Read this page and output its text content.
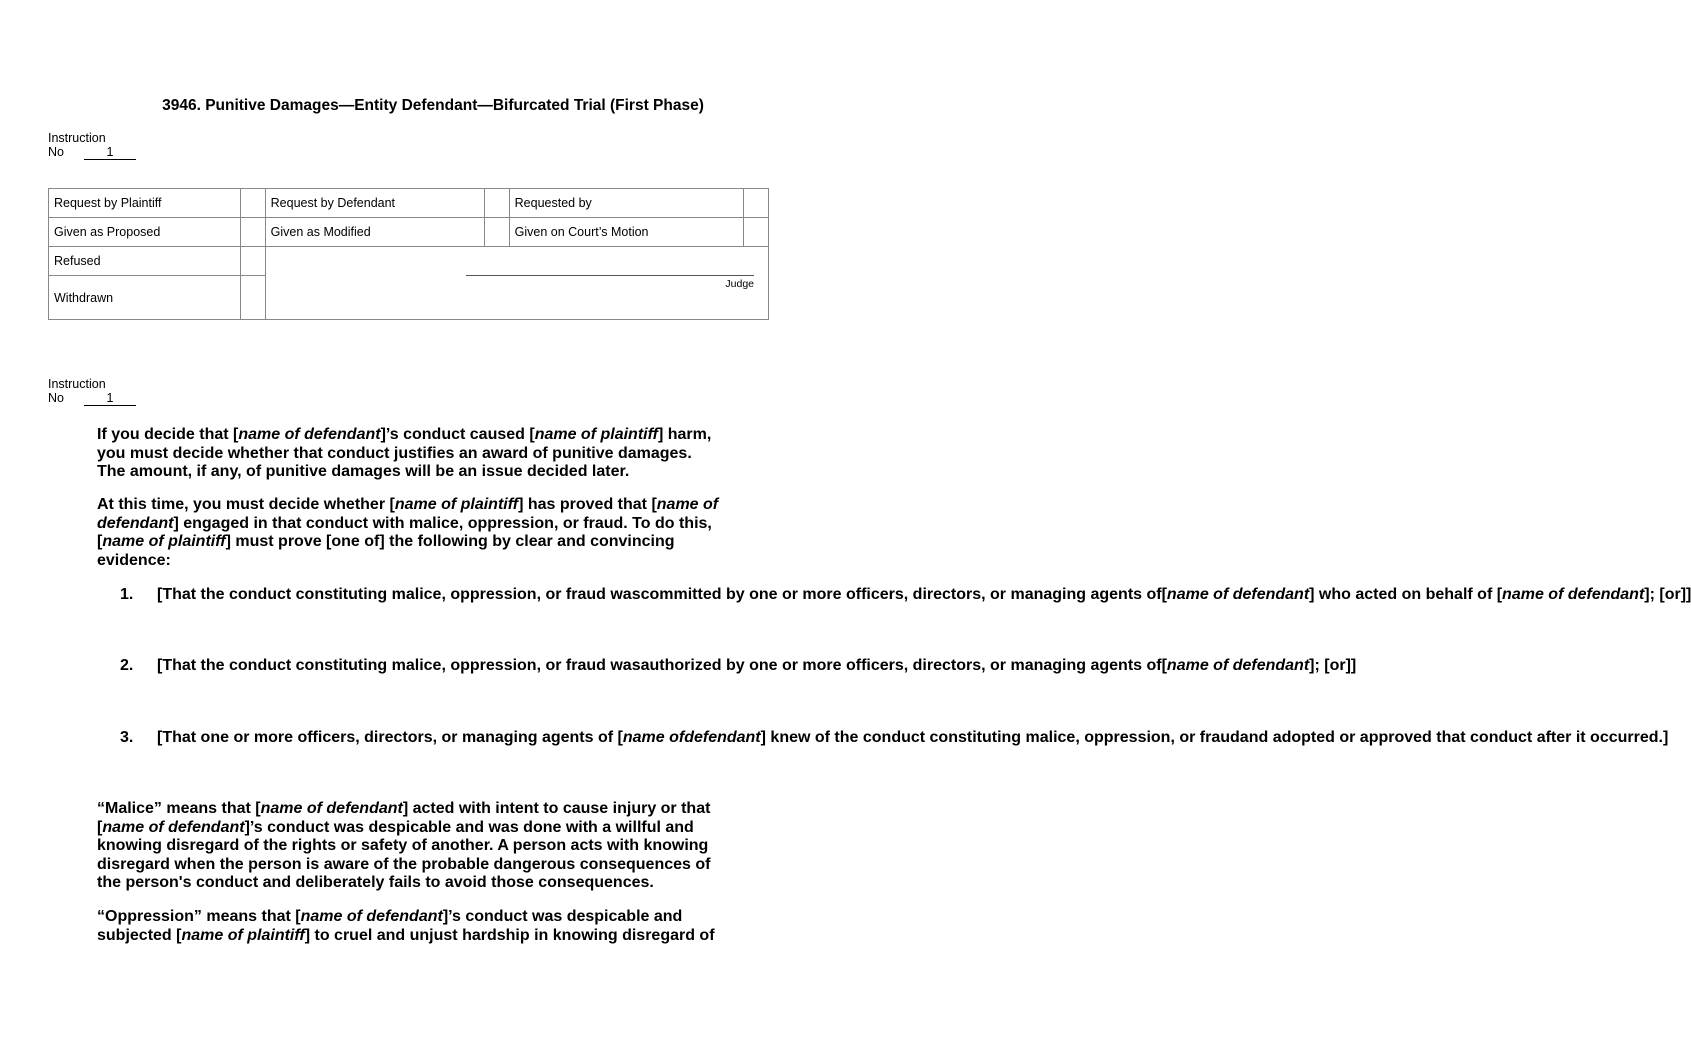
3946. Punitive Damages—Entity Defendant—Bifurcated Trial (First Phase)
Instruction
No	1
Request by Plaintiff		Request by Defendant		Requested by	
Given as Proposed		Given as Modified		Given on Court’s Motion	
Refused		Judge			

Withdrawn					
Instruction
No	1
If you decide that [name of defendant]’s conduct caused [name of plaintiff] harm,
you must decide whether that conduct justifies an award of punitive damages.
The amount, if any, of punitive damages will be an issue decided later.
At this time, you must decide whether [name of plaintiff] has proved that [name of
defendant] engaged in that conduct with malice, oppression, or fraud. To do this,
[name of plaintiff] must prove [one of] the following by clear and convincing
evidence:
1. [That the conduct constituting malice, oppression, or fraud wascommitted by one or more officers, directors, or managing agents of[name of defendant] who acted on behalf of [name of defendant]; [or]]
2. [That the conduct constituting malice, oppression, or fraud wasauthorized by one or more officers, directors, or managing agents of[name of defendant]; [or]]
3. [That one or more officers, directors, or managing agents of [name ofdefendant] knew of the conduct constituting malice, oppression, or fraudand adopted or approved that conduct after it occurred.]
“Malice” means that [name of defendant] acted with intent to cause injury or that
[name of defendant]’s conduct was despicable and was done with a willful and
knowing disregard of the rights or safety of another. A person acts with knowing
disregard when the person is aware of the probable dangerous consequences of
the person's conduct and deliberately fails to avoid those consequences.
“Oppression” means that [name of defendant]’s conduct was despicable and
subjected [name of plaintiff] to cruel and unjust hardship in knowing disregard of
